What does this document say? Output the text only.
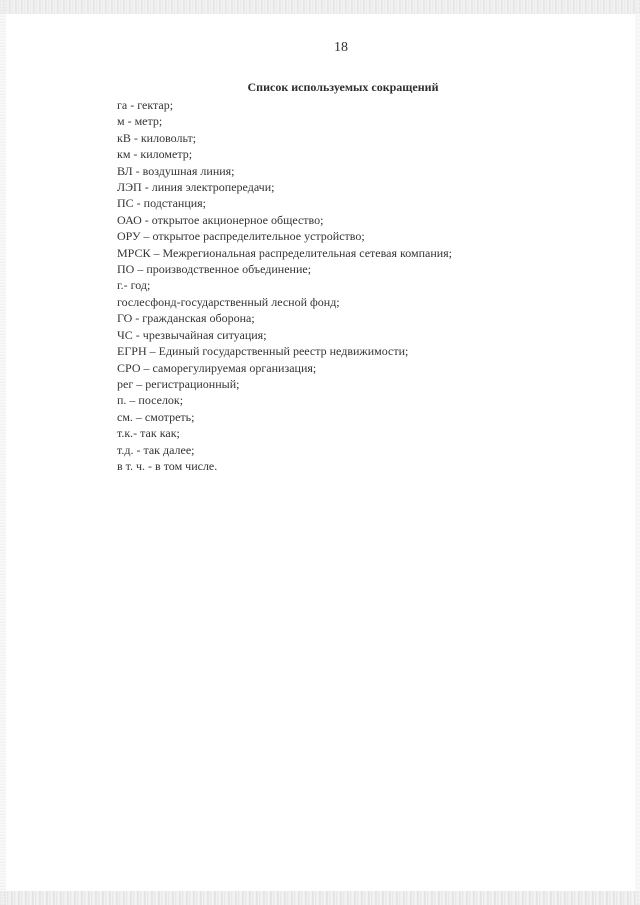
18
Список используемых сокращений
га - гектар;
м - метр;
кВ - киловольт;
км - километр;
ВЛ - воздушная линия;
ЛЭП - линия электропередачи;
ПС - подстанция;
ОАО - открытое акционерное общество;
ОРУ – открытое распределительное устройство;
МРСК – Межрегиональная распределительная сетевая компания;
ПО – производственное объединение;
г.- год;
гослесфонд-государственный лесной фонд;
ГО - гражданская оборона;
ЧС - чрезвычайная ситуация;
ЕГРН – Единый государственный реестр недвижимости;
СРО – саморегулируемая организация;
рег – регистрационный;
п. – поселок;
см. – смотреть;
т.к.- так как;
т.д. - так далее;
в т. ч. - в том числе.
